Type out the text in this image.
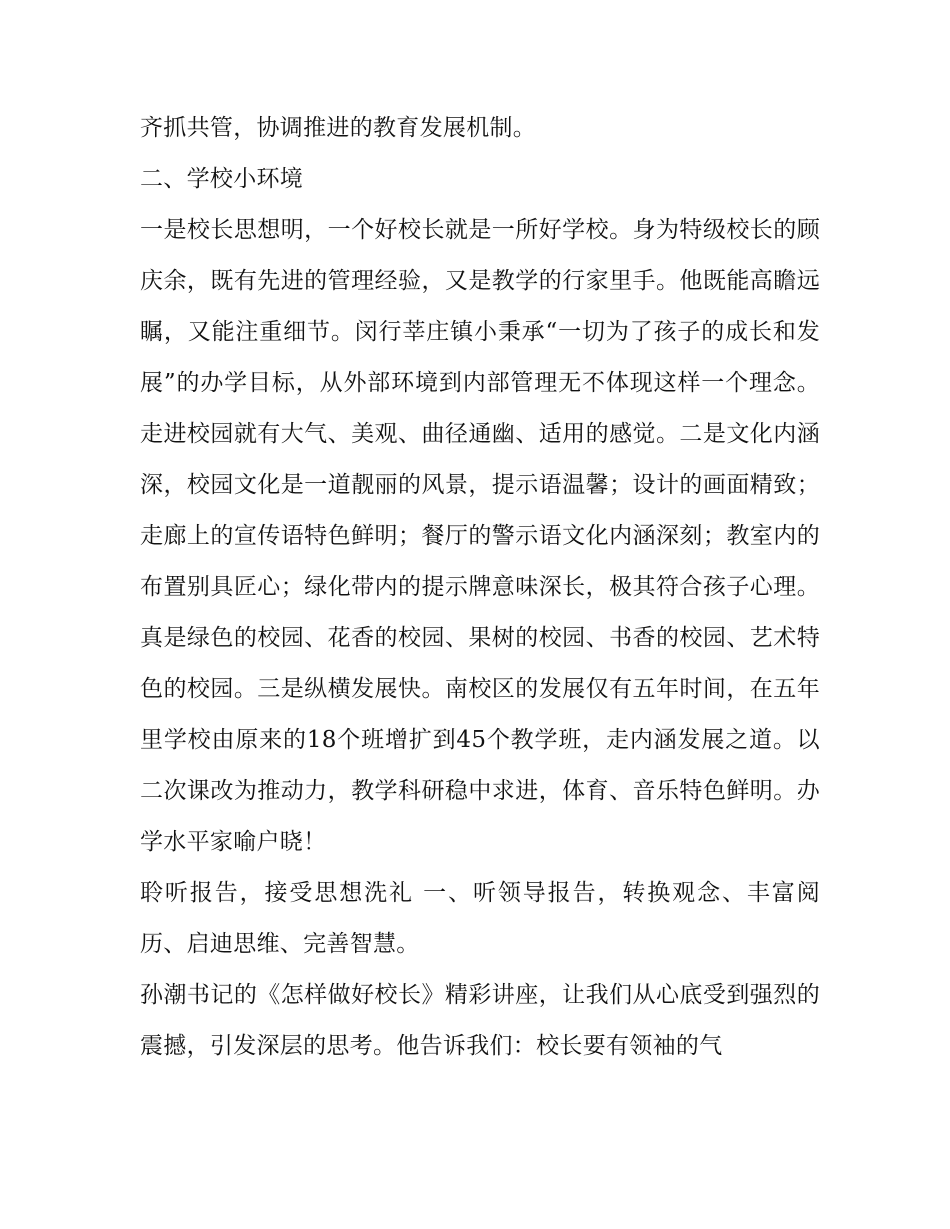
齐抓共管，协调推进的教育发展机制。

二、学校小环境

一是校长思想明，一个好校长就是一所好学校。身为特级校长的顾庆余，既有先进的管理经验，又是教学的行家里手。他既能高瞻远瞩，又能注重细节。闵行莘庄镇小秉承“一切为了孩子的成长和发展”的办学目标，从外部环境到内部管理无不体现这样一个理念。走进校园就有大气、美观、曲径通幽、适用的感觉。二是文化内涵深，校园文化是一道靓丽的风景，提示语温馨；设计的画面精致；走廊上的宣传语特色鲜明；餐厅的警示语文化内涵深刻；教室内的布置别具匠心；绿化带内的提示牌意味深长，极其符合孩子心理。真是绿色的校园、花香的校园、果树的校园、书香的校园、艺术特色的校园。三是纵横发展快。南校区的发展仅有五年时间，在五年里学校由原来的18个班增扩到45个教学班，走内涵发展之道。以二次课改为推动力，教学科研稳中求进，体育、音乐特色鲜明。办学水平家喻户晓！

聆听报告，接受思想洗礼 一、听领导报告，转换观念、丰富阅历、启迪思维、完善智慧。

孙潮书记的《怎样做好校长》精彩讲座，让我们从心底受到强烈的震撼，引发深层的思考。他告诉我们：校长要有领袖的气
